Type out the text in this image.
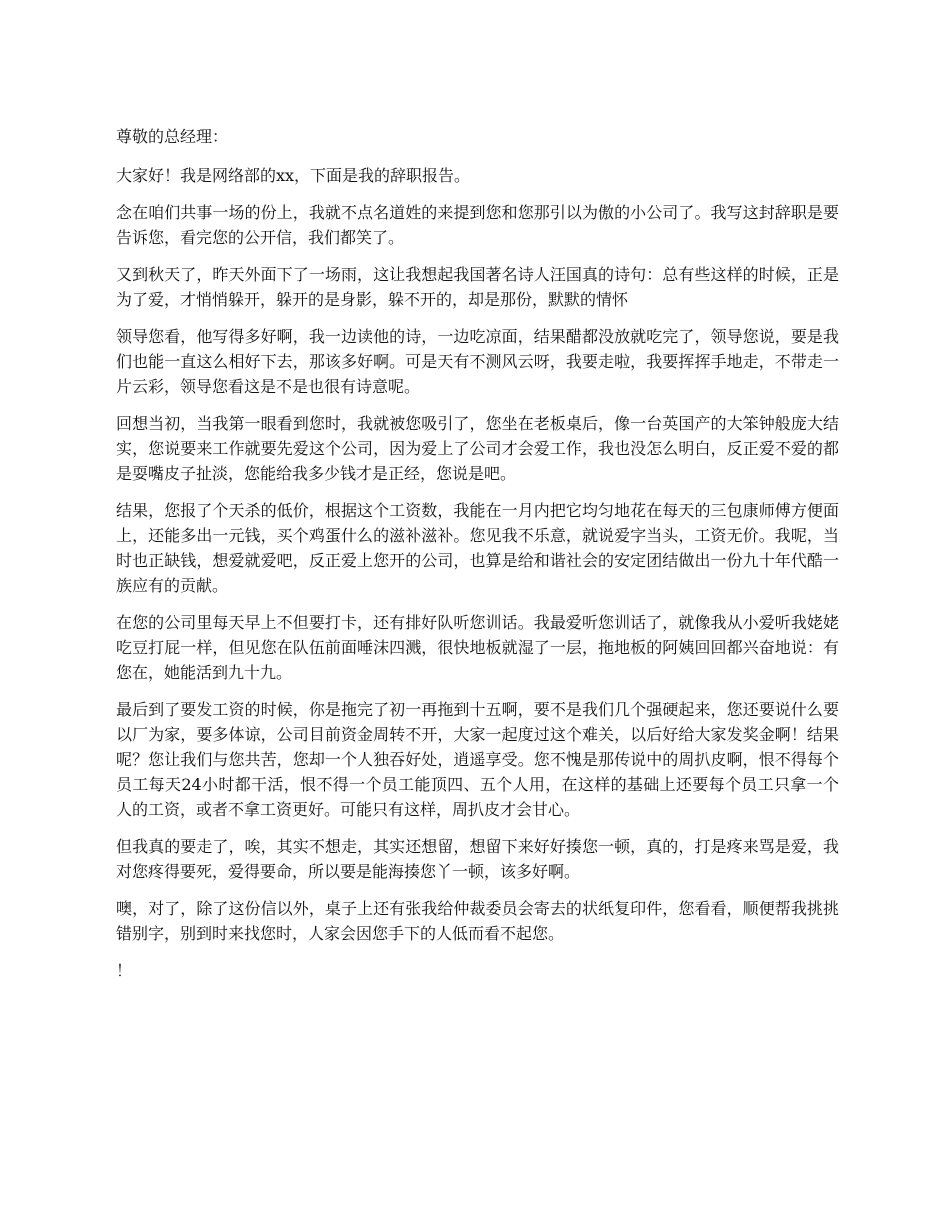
尊敬的总经理：

大家好！我是网络部的xx，下面是我的辞职报告。

念在咱们共事一场的份上，我就不点名道姓的来提到您和您那引以为傲的小公司了。我写这封辞职是要告诉您，看完您的公开信，我们都笑了。

又到秋天了，昨天外面下了一场雨，这让我想起我国著名诗人汪国真的诗句：总有些这样的时候，正是为了爱，才悄悄躲开，躲开的是身影，躲不开的，却是那份，默默的情怀

领导您看，他写得多好啊，我一边读他的诗，一边吃凉面，结果醋都没放就吃完了，领导您说，要是我们也能一直这么相好下去，那该多好啊。可是天有不测风云呀，我要走啦，我要挥挥手地走，不带走一片云彩，领导您看这是不是也很有诗意呢。

回想当初，当我第一眼看到您时，我就被您吸引了，您坐在老板桌后，像一台英国产的大笨钟般庞大结实，您说要来工作就要先爱这个公司，因为爱上了公司才会爱工作，我也没怎么明白，反正爱不爱的都是耍嘴皮子扯淡，您能给我多少钱才是正经，您说是吧。

结果，您报了个天杀的低价，根据这个工资数，我能在一月内把它均匀地花在每天的三包康师傅方便面上，还能多出一元钱，买个鸡蛋什么的滋补滋补。您见我不乐意，就说爱字当头，工资无价。我呢，当时也正缺钱，想爱就爱吧，反正爱上您开的公司，也算是给和谐社会的安定团结做出一份九十年代酷一族应有的贡献。

在您的公司里每天早上不但要打卡，还有排好队听您训话。我最爱听您训话了，就像我从小爱听我姥姥吃豆打屁一样，但见您在队伍前面唾沫四溅，很快地板就湿了一层，拖地板的阿姨回回都兴奋地说：有您在，她能活到九十九。

最后到了要发工资的时候，你是拖完了初一再拖到十五啊，要不是我们几个强硬起来，您还要说什么要以厂为家，要多体谅，公司目前资金周转不开，大家一起度过这个难关，以后好给大家发奖金啊！结果呢？您让我们与您共苦，您却一个人独吞好处，逍遥享受。您不愧是那传说中的周扒皮啊，恨不得每个员工每天24小时都干活，恨不得一个员工能顶四、五个人用，在这样的基础上还要每个员工只拿一个人的工资，或者不拿工资更好。可能只有这样，周扒皮才会甘心。

但我真的要走了，唉，其实不想走，其实还想留，想留下来好好揍您一顿，真的，打是疼来骂是爱，我对您疼得要死，爱得要命，所以要是能海揍您丫一顿，该多好啊。

噢，对了，除了这份信以外，桌子上还有张我给仲裁委员会寄去的状纸复印件，您看看，顺便帮我挑挑错别字，别到时来找您时，人家会因您手下的人低而看不起您。

！
